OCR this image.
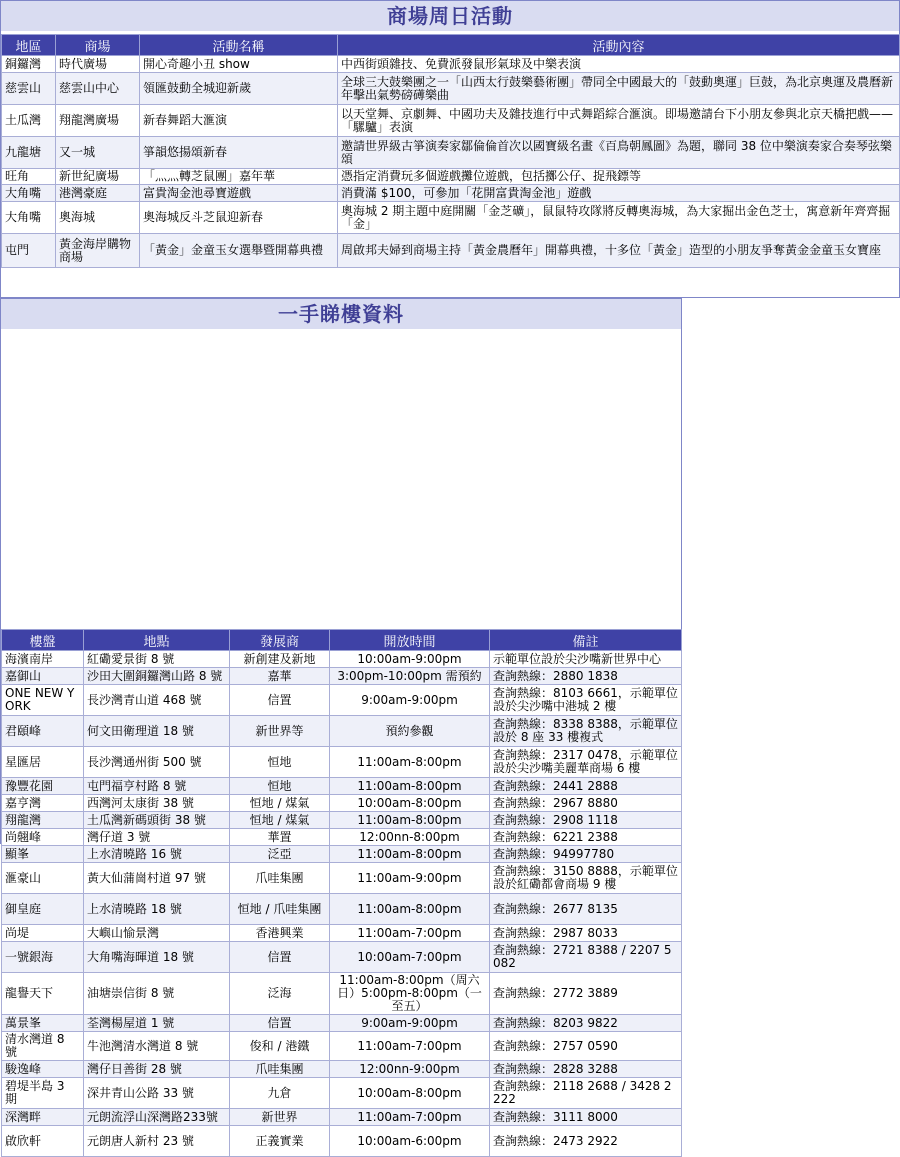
商場周日活動
地區	商場	活動名稱	活動內容
銅鑼灣	時代廣場	開心奇趣小丑 show	中西街頭雜技、免費派發鼠形氣球及中樂表演
慈雲山	慈雲山中心	領匯鼓動全城迎新歲	全球三大鼓樂團之一「山西太行鼓樂藝術團」帶同全中國最大的「鼓動奧運」巨鼓，為北京奧運及農曆新年擊出氣勢磅礡樂曲
土瓜灣	翔龍灣廣場	新春舞蹈大滙演	以天堂舞、京劇舞、中國功夫及雜技進行中式舞蹈綜合滙演。即場邀請台下小朋友參與北京天橋把戲——「騾驢」表演
九龍塘	又一城	箏韻悠揚頌新春	邀請世界級古箏演奏家鄒倫倫首次以國寶級名畫《百鳥朝鳳圖》為題，聯同 38 位中樂演奏家合奏琴弦樂頌
旺角	新世紀廣場	「灬灬轉芝鼠團」嘉年華	憑指定消費玩多個遊戲攤位遊戲，包括擲公仔、捉飛鏢等
大角嘴	港灣豪庭	富貴淘金池尋寶遊戲	消費滿 $100，可參加「花開富貴淘金池」遊戲
大角嘴	奧海城	奧海城反斗芝鼠迎新春	奧海城 2 期主題中庭開關「金芝礦」，鼠鼠特攻隊將反轉奧海城，為大家掘出金色芝士，寓意新年齊齊掘「金」
屯門	黃金海岸購物商場	「黃金」金童玉女選舉暨開幕典禮	周啟邦夫婦到商場主持「黃金農曆年」開幕典禮，十多位「黃金」造型的小朋友爭奪黃金金童玉女寶座
一手睇樓資料
樓盤	地點	發展商	開放時間	備註
海濱南岸	紅磡愛景街 8 號	新創建及新地	10:00am-9:00pm	示範單位設於尖沙嘴新世界中心
嘉御山	沙田大圍銅鑼灣山路 8 號	嘉華	3:00pm-10:00pm 需預約	查詢熱線：2880 1838
ONE NEW YORK	長沙灣青山道 468 號	信置	9:00am-9:00pm	查詢熱線：8103 6661，示範單位設於尖沙嘴中港城 2 樓
君頤峰	何文田衛理道 18 號	新世界等	預約參觀	查詢熱線：8338 8388，示範單位設於 8 座 33 樓複式
星匯居	長沙灣通州街 500 號	恒地	11:00am-8:00pm	查詢熱線：2317 0478，示範單位設於尖沙嘴美麗華商場 6 樓
豫豐花園	屯門福亨村路 8 號	恒地	11:00am-8:00pm	查詢熱線：2441 2888
嘉亨灣	西灣河太康街 38 號	恒地 / 煤氣	10:00am-8:00pm	查詢熱線：2967 8880
翔龍灣	土瓜灣新碼頭街 38 號	恒地 / 煤氣	11:00am-8:00pm	查詢熱線：2908 1118
尚翹峰	灣仔道 3 號	華置	12:00nn-8:00pm	查詢熱線：6221 2388
顯峯	上水清曉路 16 號	泛亞	11:00am-8:00pm	查詢熱線：94997780
滙豪山	黃大仙蒲崗村道 97 號	爪哇集團	11:00am-9:00pm	查詢熱線：3150 8888，示範單位設於紅磡都會商場 9 樓
御皇庭	上水清曉路 18 號	恒地 / 爪哇集團	11:00am-8:00pm	查詢熱線：2677 8135
尚堤	大嶼山愉景灣	香港興業	11:00am-7:00pm	查詢熱線：2987 8033
一號銀海	大角嘴海暉道 18 號	信置	10:00am-7:00pm	查詢熱線：2721 8388 / 2207 5082
龍譽天下	油塘崇信街 8 號	泛海	11:00am-8:00pm（周六日）5:00pm-8:00pm（一至五）	查詢熱線：2772 3889
萬景峯	荃灣楊屋道 1 號	信置	9:00am-9:00pm	查詢熱線：8203 9822
清水灣道 8 號	牛池灣清水灣道 8 號	俊和 / 港鐵	11:00am-7:00pm	查詢熱線：2757 0590
駿逸峰	灣仔日善街 28 號	爪哇集團	12:00nn-9:00pm	查詢熱線：2828 3288
碧堤半島 3 期	深井青山公路 33 號	九倉	10:00am-8:00pm	查詢熱線：2118 2688 / 3428 2222
深灣畔	元朗流浮山深灣路233號	新世界	11:00am-7:00pm	查詢熱線：3111 8000
啟欣軒	元朗唐人新村 23 號	正義實業	10:00am-6:00pm	查詢熱線：2473 2922
